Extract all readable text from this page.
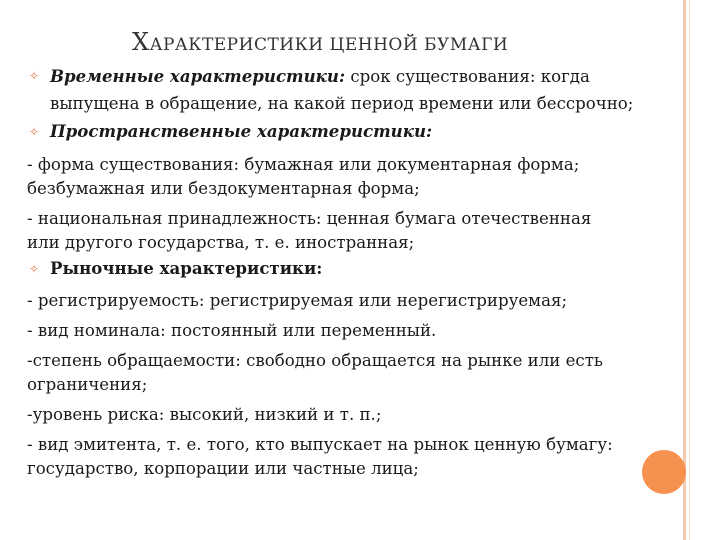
ХАРАКТЕРИСТИКИ ЦЕННОЙ БУМАГИ
✧ Временные характеристики: срок существования: когда
выпущена в обращение, на какой период времени или бессрочно;
✧ Пространственные характеристики:
- форма существования: бумажная или документарная форма;
безбумажная или бездокументарная форма;
- национальная принадлежность: ценная бумага отечественная
или другого государства, т. е. иностранная;
✧ Рыночные характеристики:
- регистрируемость: регистрируемая или нерегистрируемая;
- вид номинала: постоянный или переменный.
-степень обращаемости: свободно обращается на рынке или есть
ограничения;
-уровень риска: высокий, низкий и т. п.;
- вид эмитента, т. е. того, кто выпускает на рынок ценную бумагу:
государство, корпорации или частные лица;
